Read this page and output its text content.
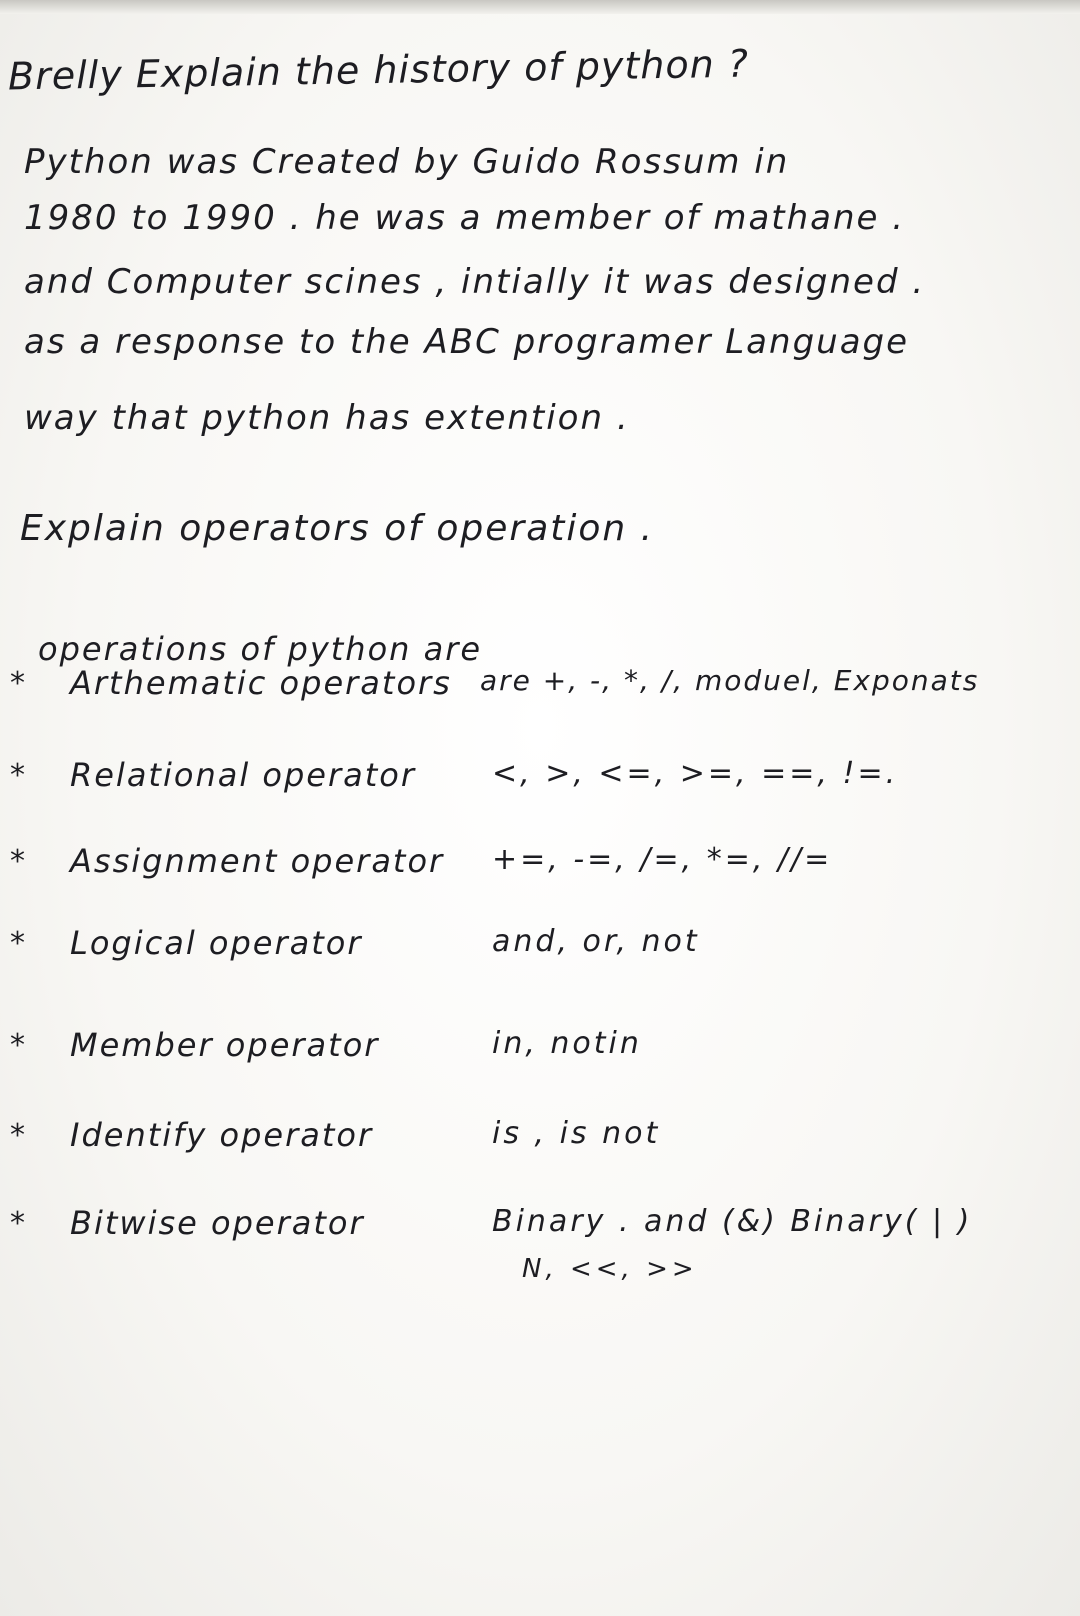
Brelly Explain the history of python ?
Python was Created by Guido Rossum in
1980 to 1990 . he was a member of mathane .
and Computer scines , intially it was designed .
as a response to the ABC programer Language
way that python has extention .
Explain operators of operation .
operations of python are
* Arthematic operators are +, -, *, /, moduel, Exponats
* Relational operator	<, >, <=, >=, ==, !=.
* Assignment operator +=, -=, /=, *=, //=
* Logical operator	and, or, not
* Member operator	in, notin
* Identify operator	is , is not
* Bitwise operator	Binary . and (&) Binary( | )
N, <<, >>
